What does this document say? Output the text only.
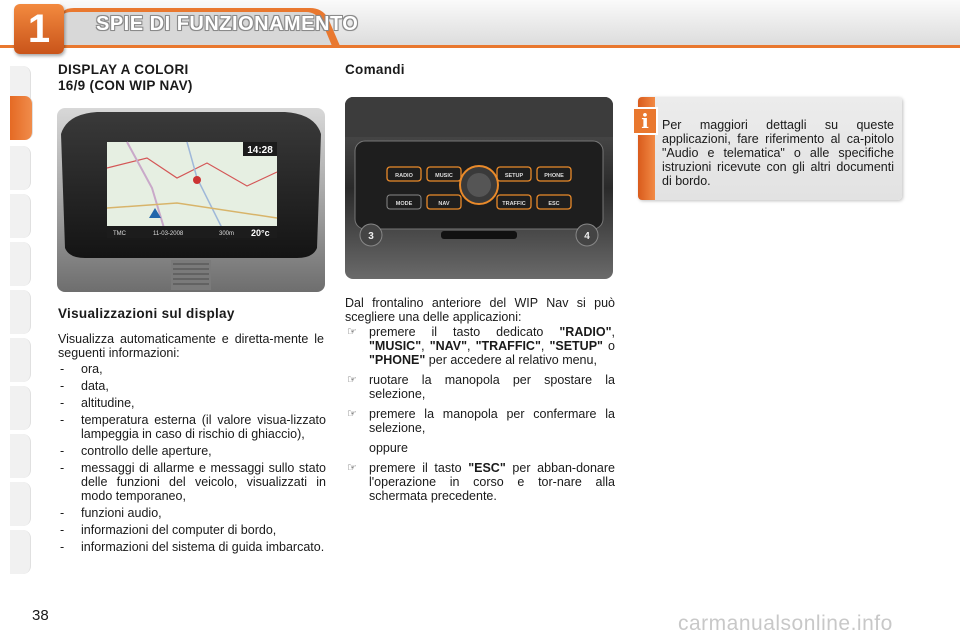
1	SPIE DI FUNZIONAMENTO
DISPLAY A COLORI
16/9 (CON WIP NAV)
14:28
TMC	11-03-2008	300m 20°c
Visualizzazioni sul display
Visualizza automaticamente e diretta-mente le seguenti informazioni:
- ora,
- data,
- altitudine,
- temperatura esterna (il valore visua-lizzato lampeggia in caso di rischio di ghiaccio),
- controllo delle aperture,
- messaggi di allarme e messaggi sullo stato delle funzioni del veicolo, visualizzati in modo temporaneo,
- funzioni audio,
- informazioni del computer di bordo,
- informazioni del sistema di guida imbarcato.
Comandi
RADIO	MUSIC	SETUP	PHONE
MODE	NAV	TRAFFIC	ESC
3	4
Dal frontalino anteriore del WIP Nav si può scegliere una delle applicazioni:
☞ premere il tasto dedicato "RADIO", "MUSIC", "NAV", "TRAFFIC", "SETUP" o "PHONE" per accedere al relativo menu,
☞ ruotare la manopola per spostare la selezione,
☞ premere la manopola per confermare la selezione,
oppure
☞ premere il tasto "ESC" per abban-donare l'operazione in corso e tor-nare alla schermata precedente.
i	Per maggiori dettagli su queste applicazioni, fare riferimento al ca-pitolo "Audio e telematica" o alle specifiche istruzioni ricevute con gli altri documenti di bordo.
38	carmanualsonline.info
